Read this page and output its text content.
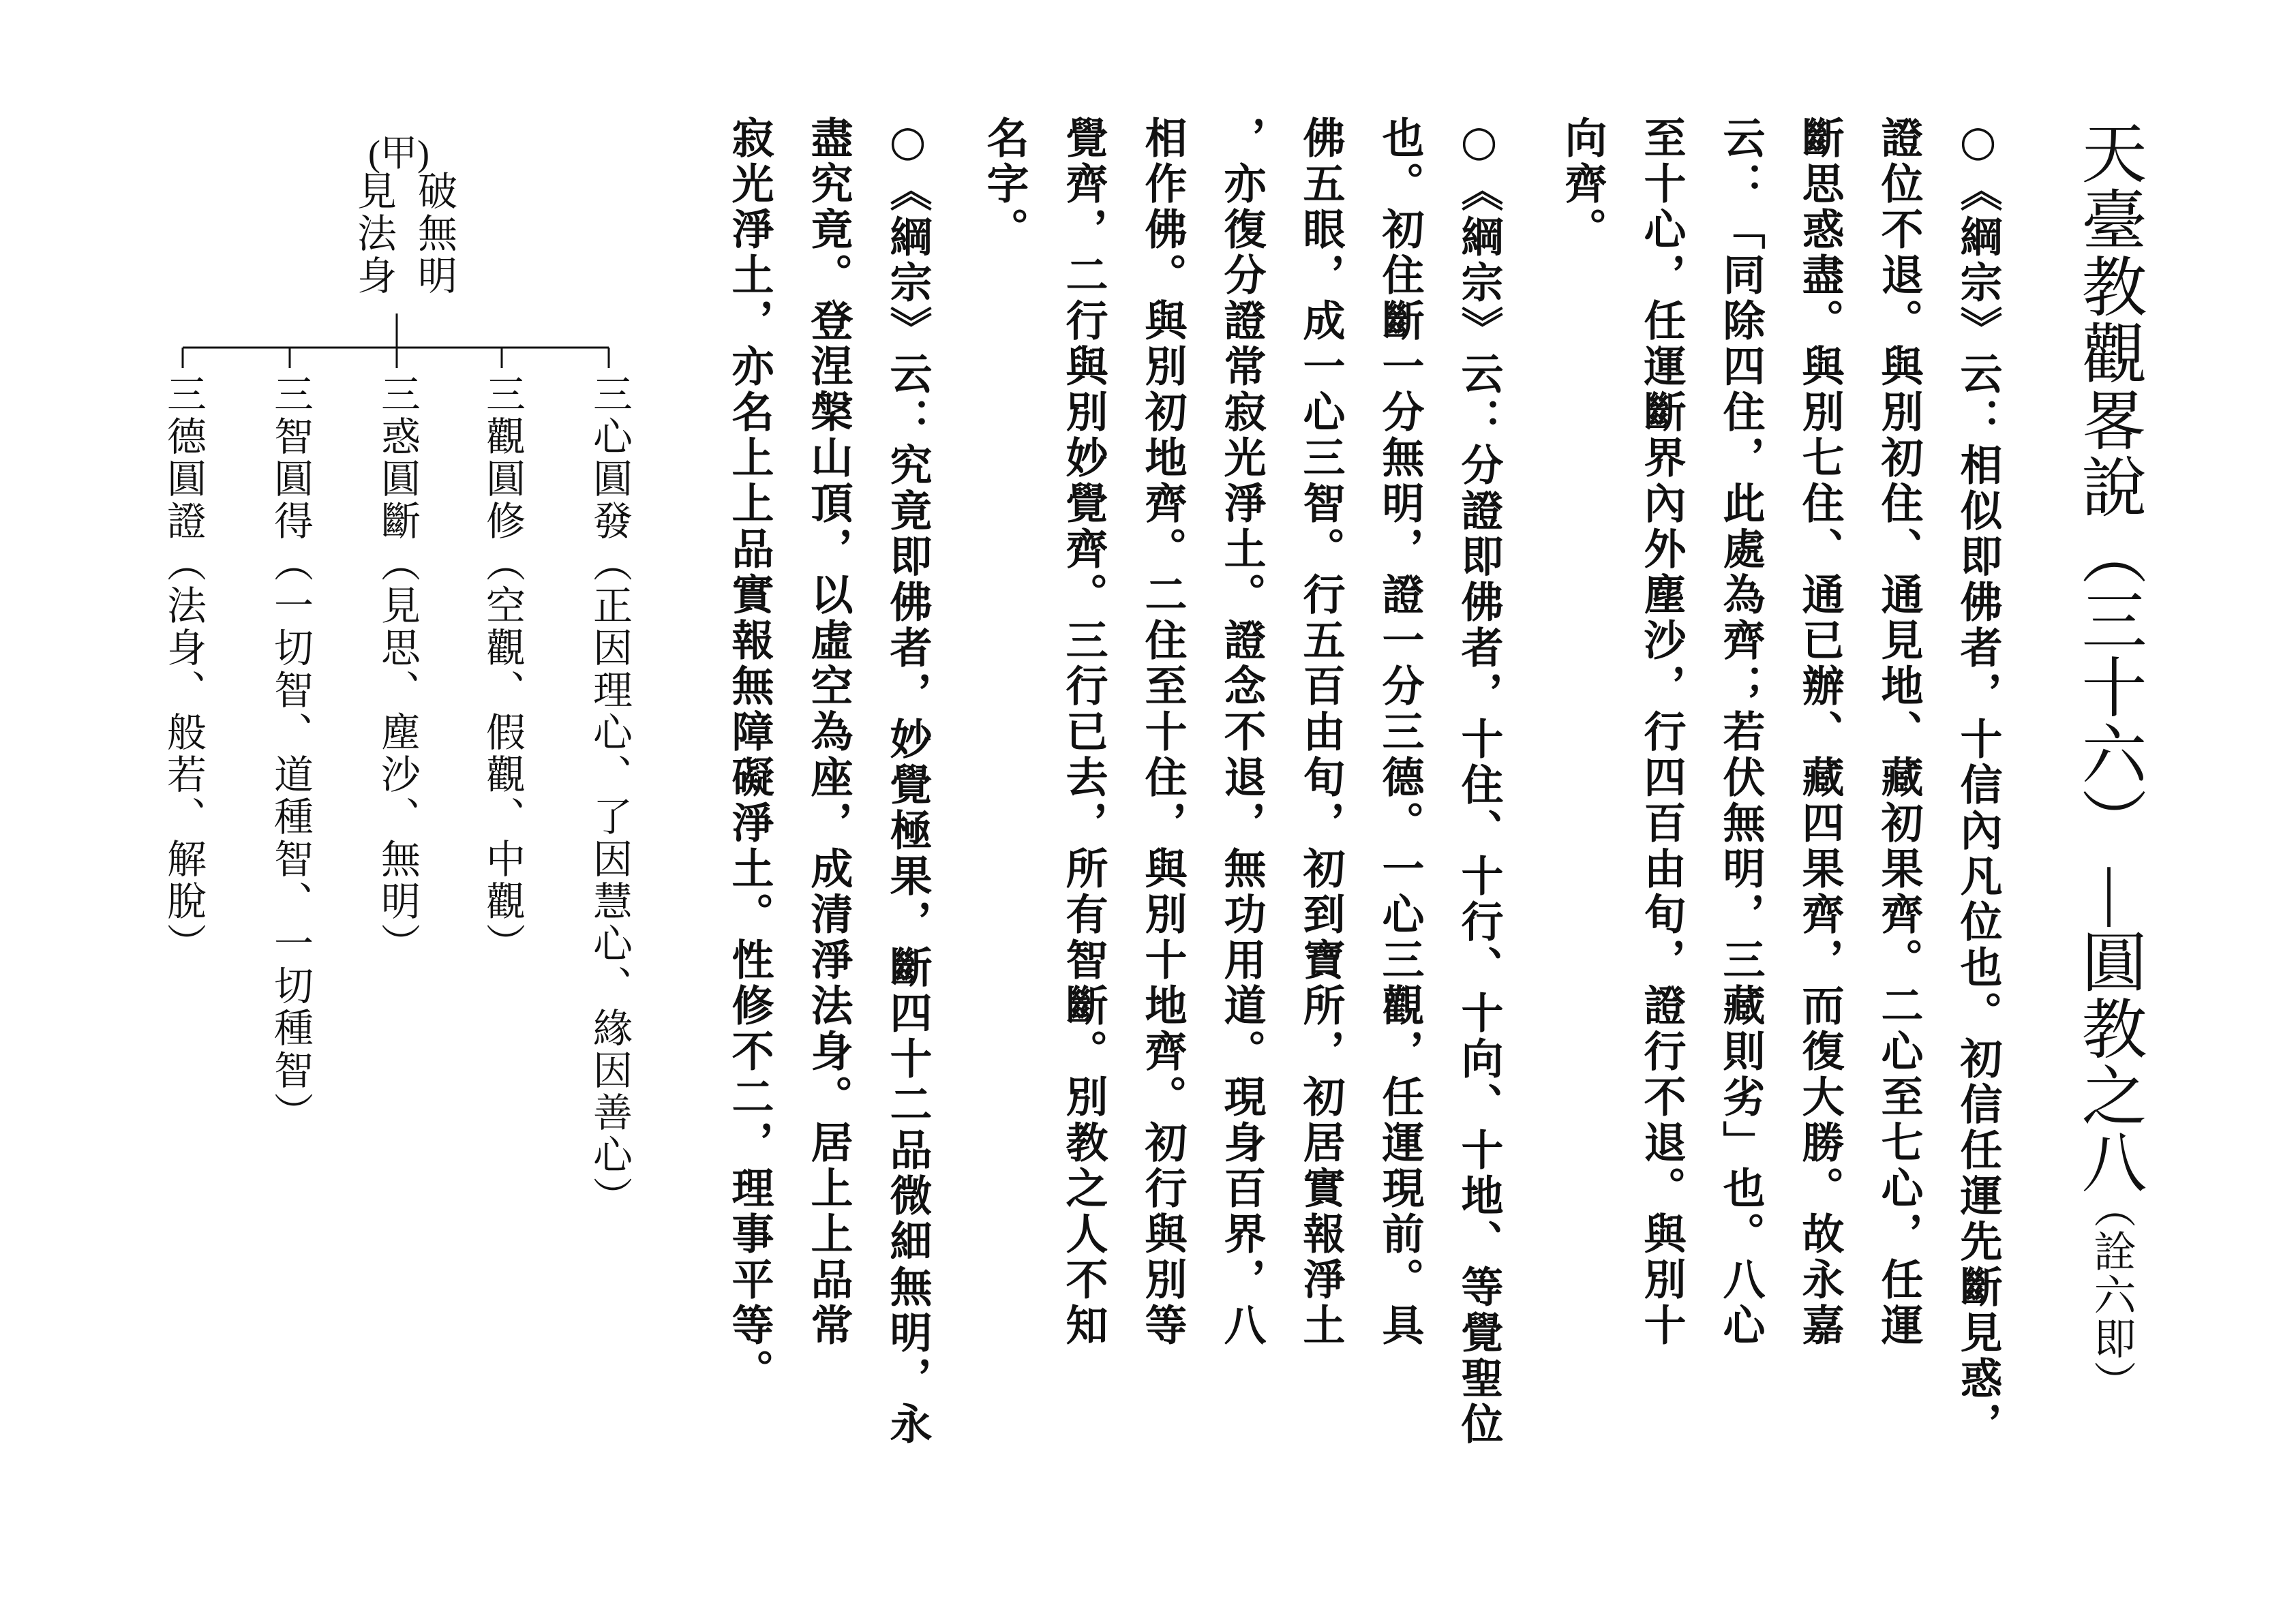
天臺教觀畧說（三十六）|圓教之八
（詮六即）
○《綱宗》云：相似即佛者，十信內凡位也。初信任運先斷見惑，
證位不退。與別初住、通見地、藏初果齊。二心至七心，任運
斷思惑盡。與別七住、通已辦、藏四果齊，而復大勝。故永嘉
云：「同除四住，此處為齊；若伏無明，三藏則劣」也。八心
至十心，任運斷界內外塵沙，行四百由旬，證行不退。與別十
向齊。
○《綱宗》云：分證即佛者，十住、十行、十向、十地、等覺聖位
也。初住斷一分無明，證一分三德。一心三觀，任運現前。具
佛五眼，成一心三智。行五百由旬，初到寶所，初居實報淨土
，亦復分證常寂光淨土。證念不退，無功用道。現身百界，八
相作佛。與別初地齊。二住至十住，與別十地齊。初行與別等
覺齊，二行與別妙覺齊。三行已去，所有智斷。別教之人不知
名字。
○《綱宗》云：究竟即佛者，妙覺極果，斷四十二品微細無明，永
盡究竟。登涅槃山頂，以虛空為座，成清淨法身。居上上品常
寂光淨土，亦名上上品實報無障礙淨土。性修不二，理事平等。
(甲)
破無明
見法身
三心圓發（正因理心、了因慧心、緣因善心）
三觀圓修（空觀、假觀、中觀）
三惑圓斷（見思、塵沙、無明）
三智圓得（一切智、道種智、一切種智）
三德圓證（法身、般若、解脫）
